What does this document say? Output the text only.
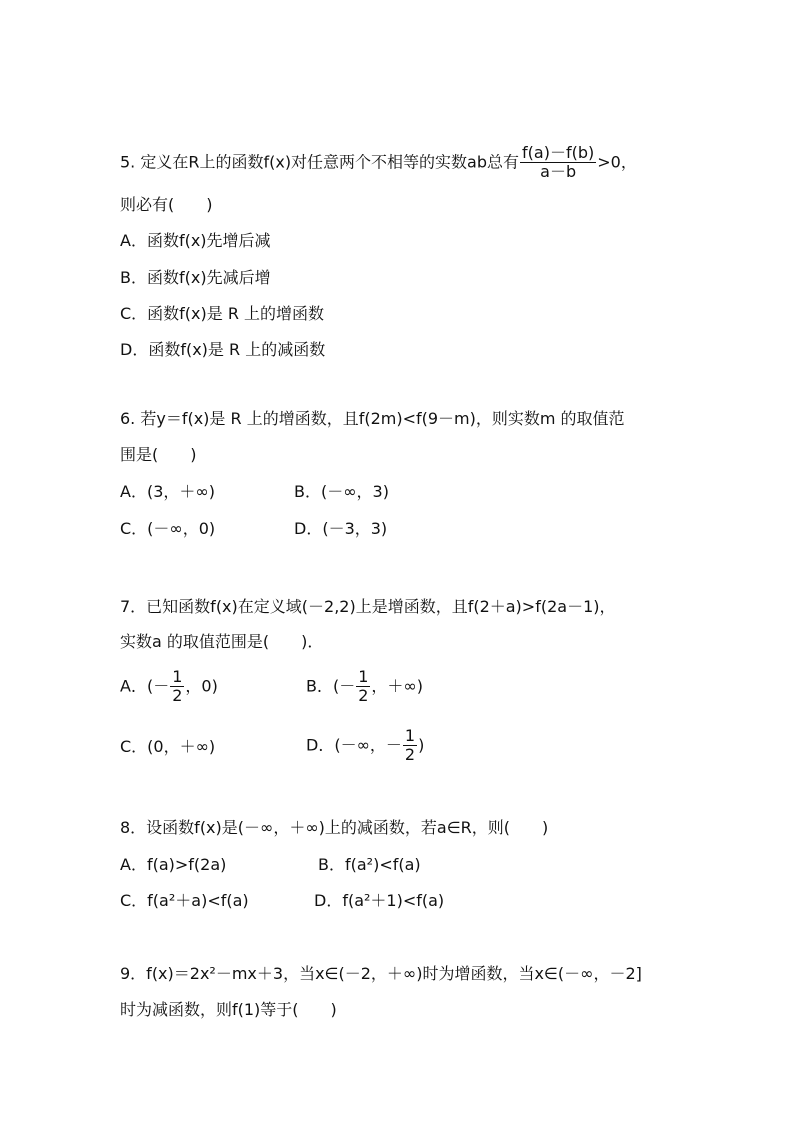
5. 定义在R上的函数f(x)对任意两个不相等的实数ab总有 $\frac{f(a)-f(b)}{a-b} >0$，
则必有(　　)
A．函数f(x)先增后减
B．函数f(x)先减后增
C．函数f(x)是 R 上的增函数
D．函数f(x)是 R 上的减函数
6. 若y＝f(x)是 R 上的增函数，且f(2m)<f(9－m)，则实数m 的取值范
围是(　　)
A．(3，＋∞)	B．(－∞，3)
C．(－∞，0)	D．(－3，3)
7．已知函数f(x)在定义域(－2,2)上是增函数，且f(2＋a)>f(2a－1)，
实数a 的取值范围是(　　)．
A．(－ $\frac{1}{2}$ ，0)	B．(－ $\frac{1}{2}$ ，＋∞)
C．(0，＋∞)	D．(－∞，－ $\frac{1}{2}$ )
8．设函数f(x)是(－∞，＋∞)上的减函数，若a∈R，则(　　)
A．f(a)>f(2a)	B．f(a²)<f(a)
C．f(a²＋a)<f(a)	D．f(a²＋1)<f(a)
9．f(x)＝2x²－mx＋3，当x∈(－2，＋∞)时为增函数，当x∈(－∞，－2]
时为减函数，则f(1)等于(　　)
